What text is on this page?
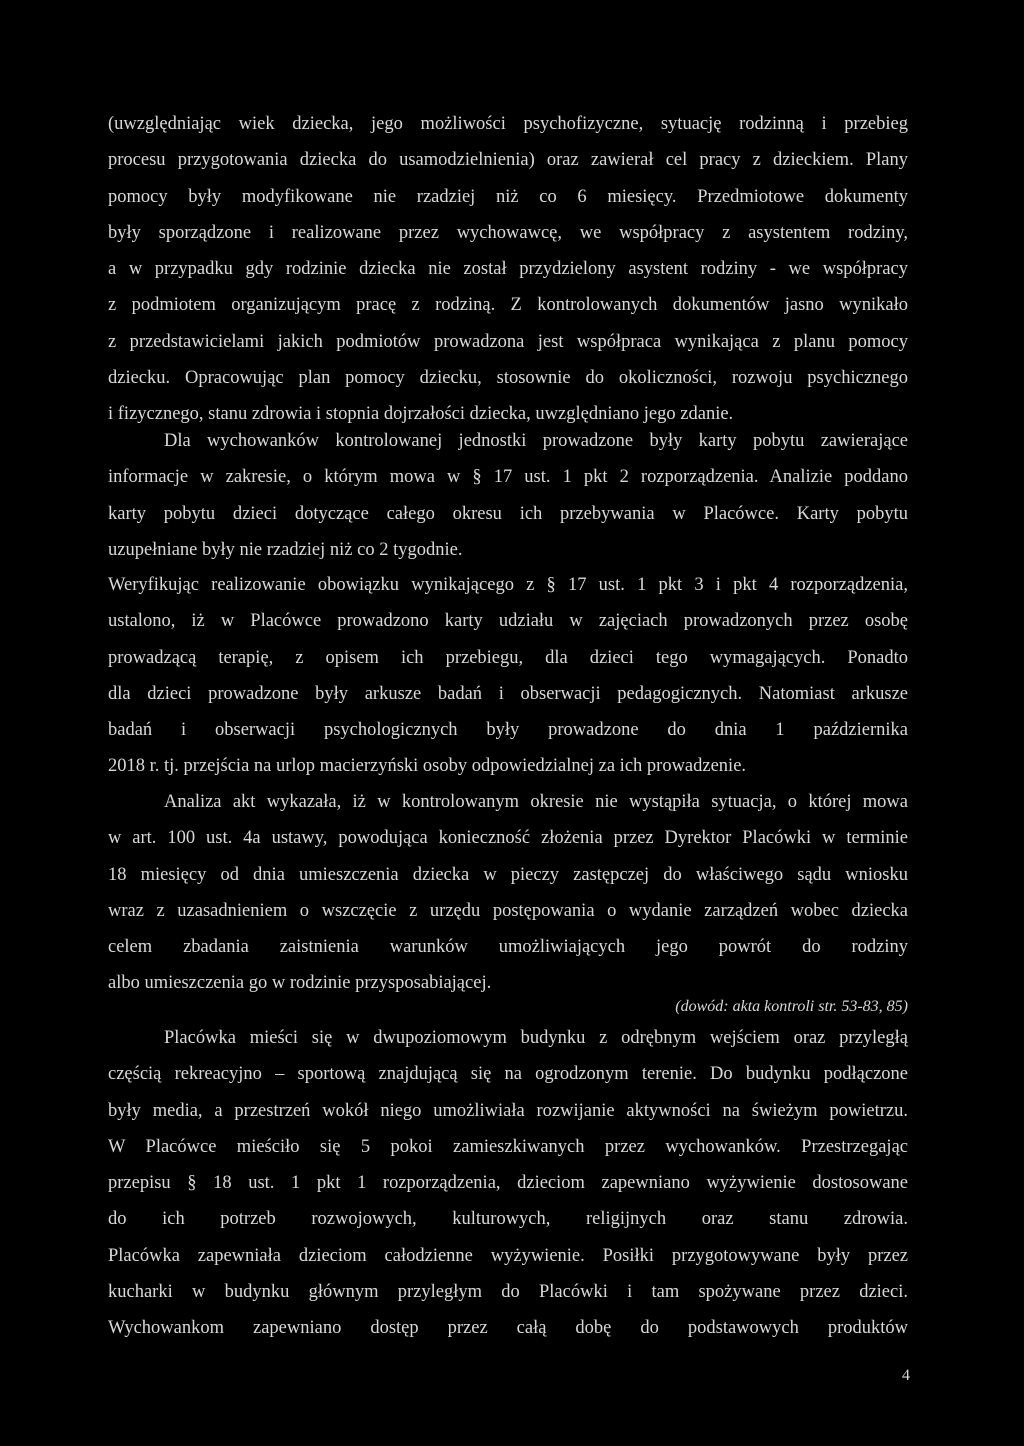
(uwzględniając wiek dziecka, jego możliwości psychofizyczne, sytuację rodzinną i przebieg
procesu przygotowania dziecka do usamodzielnienia) oraz zawierał cel pracy z dzieckiem. Plany
pomocy były modyfikowane nie rzadziej niż co 6 miesięcy. Przedmiotowe dokumenty
były sporządzone i realizowane przez wychowawcę, we współpracy z asystentem rodziny,
a w przypadku gdy rodzinie dziecka nie został przydzielony asystent rodziny - we współpracy
z podmiotem organizującym pracę z rodziną. Z kontrolowanych dokumentów jasno wynikało
z przedstawicielami jakich podmiotów prowadzona jest współpraca wynikająca z planu pomocy
dziecku. Opracowując plan pomocy dziecku, stosownie do okoliczności, rozwoju psychicznego
i fizycznego, stanu zdrowia i stopnia dojrzałości dziecka, uwzględniano jego zdanie.
Dla wychowanków kontrolowanej jednostki prowadzone były karty pobytu zawierające
informacje w zakresie, o którym mowa w § 17 ust. 1 pkt 2 rozporządzenia. Analizie poddano
karty pobytu dzieci dotyczące całego okresu ich przebywania w Placówce. Karty pobytu
uzupełniane były nie rzadziej niż co 2 tygodnie.
Weryfikując realizowanie obowiązku wynikającego z § 17 ust. 1 pkt 3 i pkt 4 rozporządzenia,
ustalono, iż w Placówce prowadzono karty udziału w zajęciach prowadzonych przez osobę
prowadzącą terapię, z opisem ich przebiegu, dla dzieci tego wymagających. Ponadto
dla dzieci prowadzone były arkusze badań i obserwacji pedagogicznych. Natomiast arkusze
badań i obserwacji psychologicznych były prowadzone do dnia 1 października
2018 r. tj. przejścia na urlop macierzyński osoby odpowiedzialnej za ich prowadzenie.
Analiza akt wykazała, iż w kontrolowanym okresie nie wystąpiła sytuacja, o której mowa
w art. 100 ust. 4a ustawy, powodująca konieczność złożenia przez Dyrektor Placówki w terminie
18 miesięcy od dnia umieszczenia dziecka w pieczy zastępczej do właściwego sądu wniosku
wraz z uzasadnieniem o wszczęcie z urzędu postępowania o wydanie zarządzeń wobec dziecka
celem zbadania zaistnienia warunków umożliwiających jego powrót do rodziny
albo umieszczenia go w rodzinie przysposabiającej.
(dowód: akta kontroli str. 53-83, 85)
Placówka mieści się w dwupoziomowym budynku z odrębnym wejściem oraz przyległą
częścią rekreacyjno – sportową znajdującą się na ogrodzonym terenie. Do budynku podłączone
były media, a przestrzeń wokół niego umożliwiała rozwijanie aktywności na świeżym powietrzu.
W Placówce mieściło się 5 pokoi zamieszkiwanych przez wychowanków. Przestrzegając
przepisu § 18 ust. 1 pkt 1 rozporządzenia, dzieciom zapewniano wyżywienie dostosowane
do ich potrzeb rozwojowych, kulturowych, religijnych oraz stanu zdrowia.
Placówka zapewniała dzieciom całodzienne wyżywienie. Posiłki przygotowywane były przez
kucharki w budynku głównym przyległym do Placówki i tam spożywane przez dzieci.
Wychowankom zapewniano dostęp przez całą dobę do podstawowych produktów
4
